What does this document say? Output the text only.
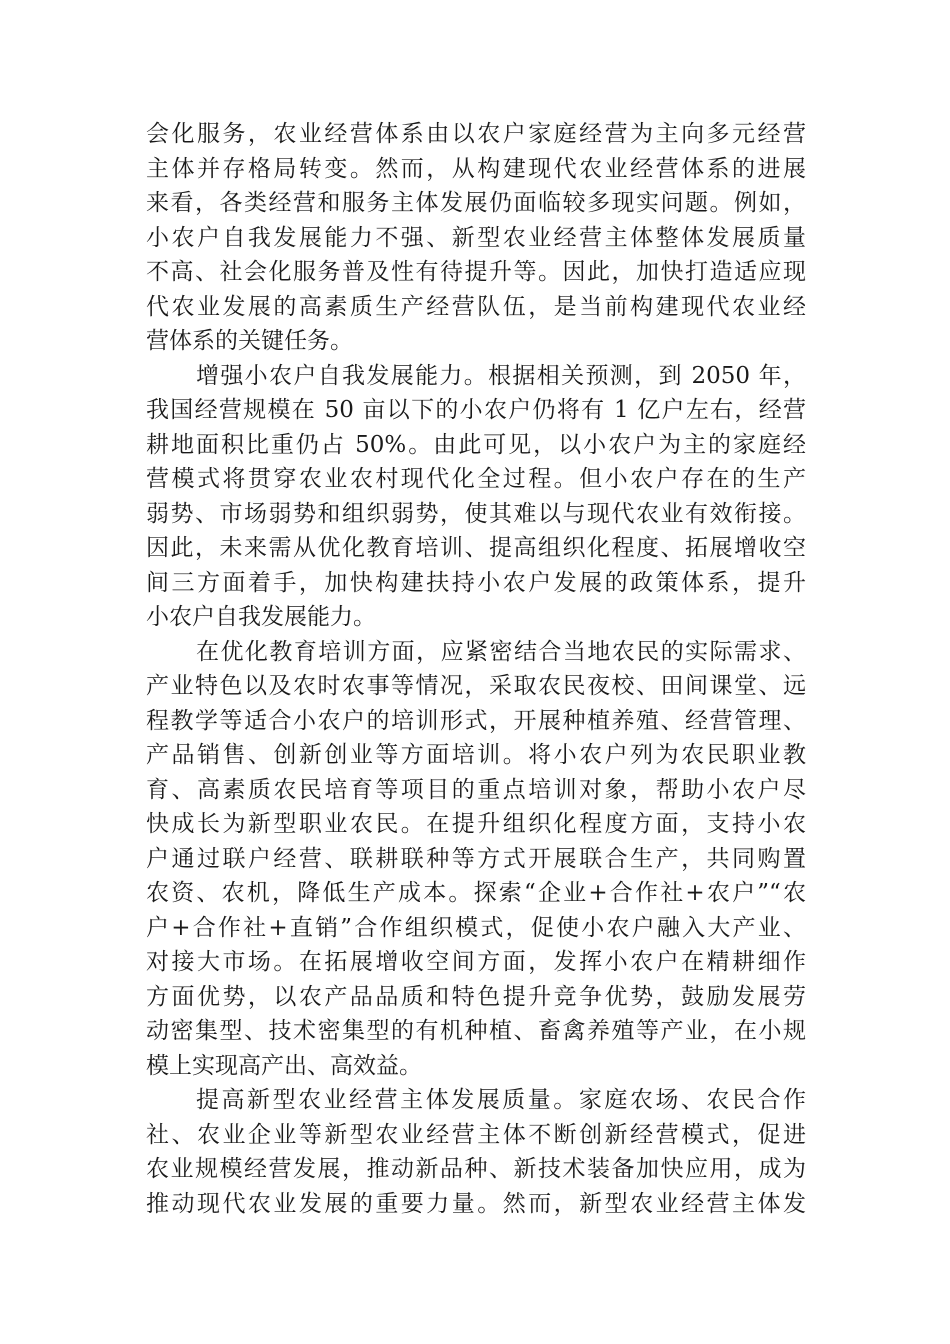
会化服务，农业经营体系由以农户家庭经营为主向多元经营
主体并存格局转变。然而，从构建现代农业经营体系的进展
来看，各类经营和服务主体发展仍面临较多现实问题。例如，
小农户自我发展能力不强、新型农业经营主体整体发展质量
不高、社会化服务普及性有待提升等。因此，加快打造适应现
代农业发展的高素质生产经营队伍，是当前构建现代农业经
营体系的关键任务。
增强小农户自我发展能力。根据相关预测，到 2050 年，
我国经营规模在 50 亩以下的小农户仍将有 1 亿户左右，经营
耕地面积比重仍占 50%。由此可见，以小农户为主的家庭经
营模式将贯穿农业农村现代化全过程。但小农户存在的生产
弱势、市场弱势和组织弱势，使其难以与现代农业有效衔接。
因此，未来需从优化教育培训、提高组织化程度、拓展增收空
间三方面着手，加快构建扶持小农户发展的政策体系，提升
小农户自我发展能力。
在优化教育培训方面，应紧密结合当地农民的实际需求、
产业特色以及农时农事等情况，采取农民夜校、田间课堂、远
程教学等适合小农户的培训形式，开展种植养殖、经营管理、
产品销售、创新创业等方面培训。将小农户列为农民职业教
育、高素质农民培育等项目的重点培训对象，帮助小农户尽
快成长为新型职业农民。在提升组织化程度方面，支持小农
户通过联户经营、联耕联种等方式开展联合生产，共同购置
农资、农机，降低生产成本。探索“企业+合作社+农户”“农
户+合作社+直销”合作组织模式，促使小农户融入大产业、
对接大市场。在拓展增收空间方面，发挥小农户在精耕细作
方面优势，以农产品品质和特色提升竞争优势，鼓励发展劳
动密集型、技术密集型的有机种植、畜禽养殖等产业，在小规
模上实现高产出、高效益。
提高新型农业经营主体发展质量。家庭农场、农民合作
社、农业企业等新型农业经营主体不断创新经营模式，促进
农业规模经营发展，推动新品种、新技术装备加快应用，成为
推动现代农业发展的重要力量。然而，新型农业经营主体发
